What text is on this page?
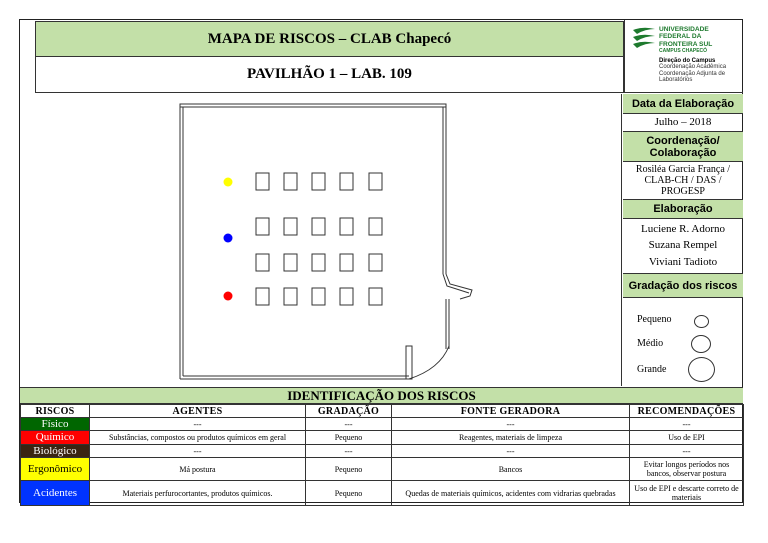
MAPA DE RISCOS – CLAB Chapecó
PAVILHÃO 1 – LAB. 109
UNIVERSIDADE
FEDERAL DA
FRONTEIRA SUL
CAMPUS CHAPECÓ
Direção do Campus
Coordenação Acadêmica
Coordenação Adjunta de Laboratórios
Data da Elaboração
Julho – 2018
Coordenação/
Colaboração
Rosiléa Garcia França /
CLAB-CH / DAS /
PROGESP
Elaboração
Luciene R. Adorno
Suzana Rempel
Viviani Tadioto
Gradação dos riscos
Pequeno
Médio
Grande
IDENTIFICAÇÃO DOS RISCOS
RISCOS	AGENTES	GRADAÇÃO	FONTE GERADORA	RECOMENDAÇÕES
Físico	---	---	---	---
Químico	Substâncias, compostos ou produtos químicos em geral	Pequeno	Reagentes, materiais de limpeza	Uso de EPI
Biológico	---	---	---	---
Ergonômico	Má postura	Pequeno	Bancos	Evitar longos períodos nos bancos, observar postura
Acidentes	Materiais perfurocortantes, produtos químicos.	Pequeno	Quedas de materiais químicos, acidentes com vidrarias quebradas	Uso de EPI e descarte correto de materiais
